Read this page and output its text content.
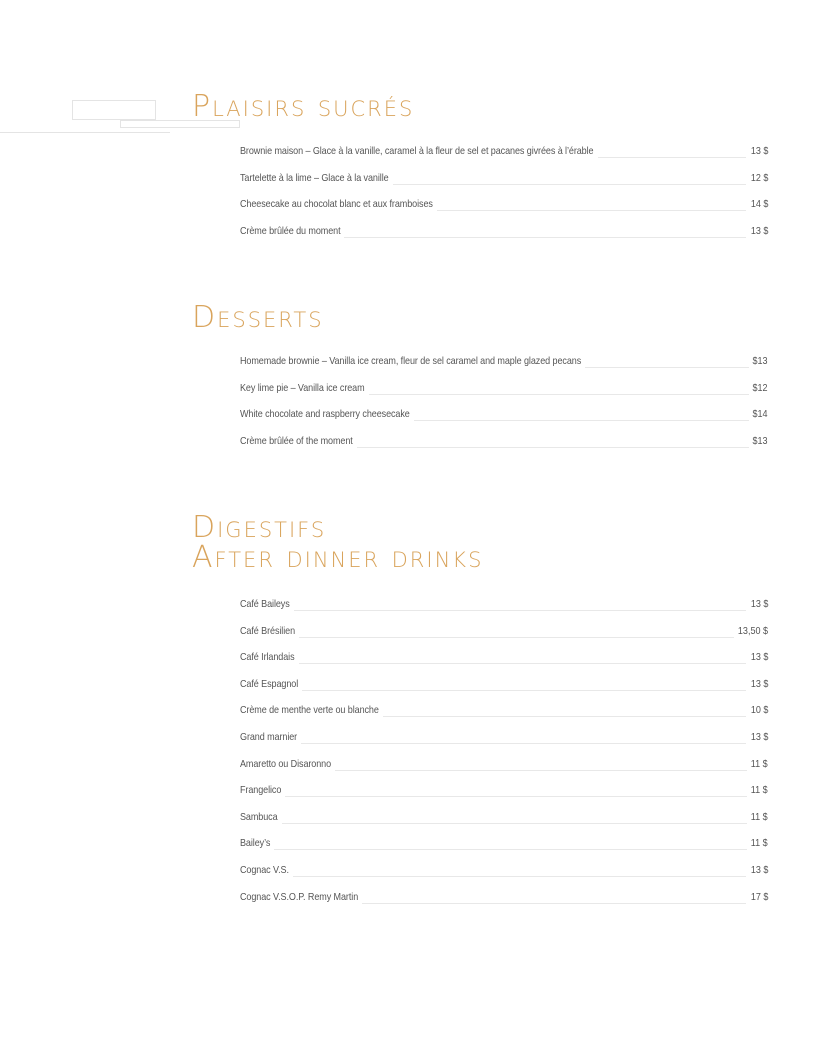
Plaisirs sucrés
Brownie maison – Glace à la vanille, caramel à la fleur de sel et pacanes givrées à l’érable	13 $
Tartelette à la lime – Glace à la vanille	12 $
Cheesecake au chocolat blanc et aux framboises	14 $
Crème brûlée du moment	13 $
Desserts
Homemade brownie – Vanilla ice cream, fleur de sel caramel and maple glazed pecans	$13
Key lime pie – Vanilla ice cream	$12
White chocolate and raspberry cheesecake	$14
Crème brûlée of the moment	$13
Digestifs
After dinner drinks
Café Baileys	13 $
Café Brésilien	13,50 $
Café Irlandais	13 $
Café Espagnol	13 $
Crème de menthe verte ou blanche	10 $
Grand marnier	13 $
Amaretto ou Disaronno	11 $
Frangelico	11 $
Sambuca	11 $
Bailey’s	11 $
Cognac V.S.	13 $
Cognac V.S.O.P. Remy Martin	17 $
